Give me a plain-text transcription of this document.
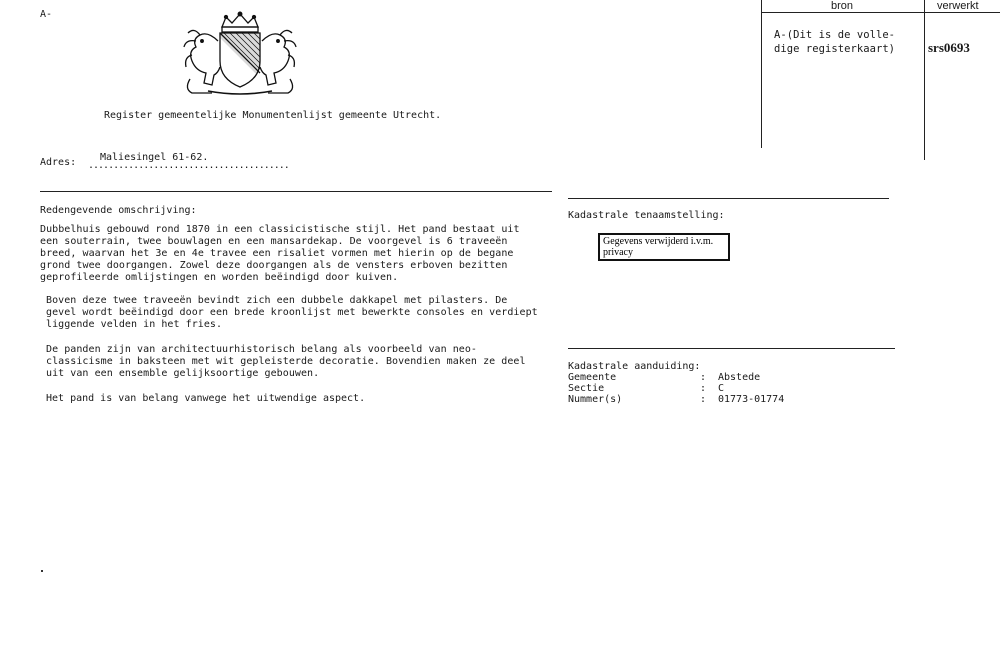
A-
Register gemeentelijke Monumentenlijst gemeente Utrecht.
bron	verwerkt
A-(Dit is de volle-
dige registerkaart)	srs0693
Adres: Maliesingel 61-62.
........................................
Redengevende omschrijving:
Dubbelhuis gebouwd rond 1870 in een classicistische stijl. Het pand bestaat uit
een souterrain, twee bouwlagen en een mansardekap. De voorgevel is 6 traveeën
breed, waarvan het 3e en 4e travee een risaliet vormen met hierin op de begane
grond twee doorgangen. Zowel deze doorgangen als de vensters erboven bezitten
geprofileerde omlijstingen en worden beëindigd door kuiven.
Boven deze twee traveeën bevindt zich een dubbele dakkapel met pilasters. De
gevel wordt beëindigd door een brede kroonlijst met bewerkte consoles en verdiept
liggende velden in het fries.
De panden zijn van architectuurhistorisch belang als voorbeeld van neo-
classicisme in baksteen met wit gepleisterde decoratie. Bovendien maken ze deel
uit van een ensemble gelijksoortige gebouwen.
Het pand is van belang vanwege het uitwendige aspect.
Kadastrale tenaamstelling:
Gegevens verwijderd i.v.m.
privacy
Kadastrale aanduiding:
Gemeente	:	Abstede
Sectie	:	C
Nummer(s)	:	01773-01774
